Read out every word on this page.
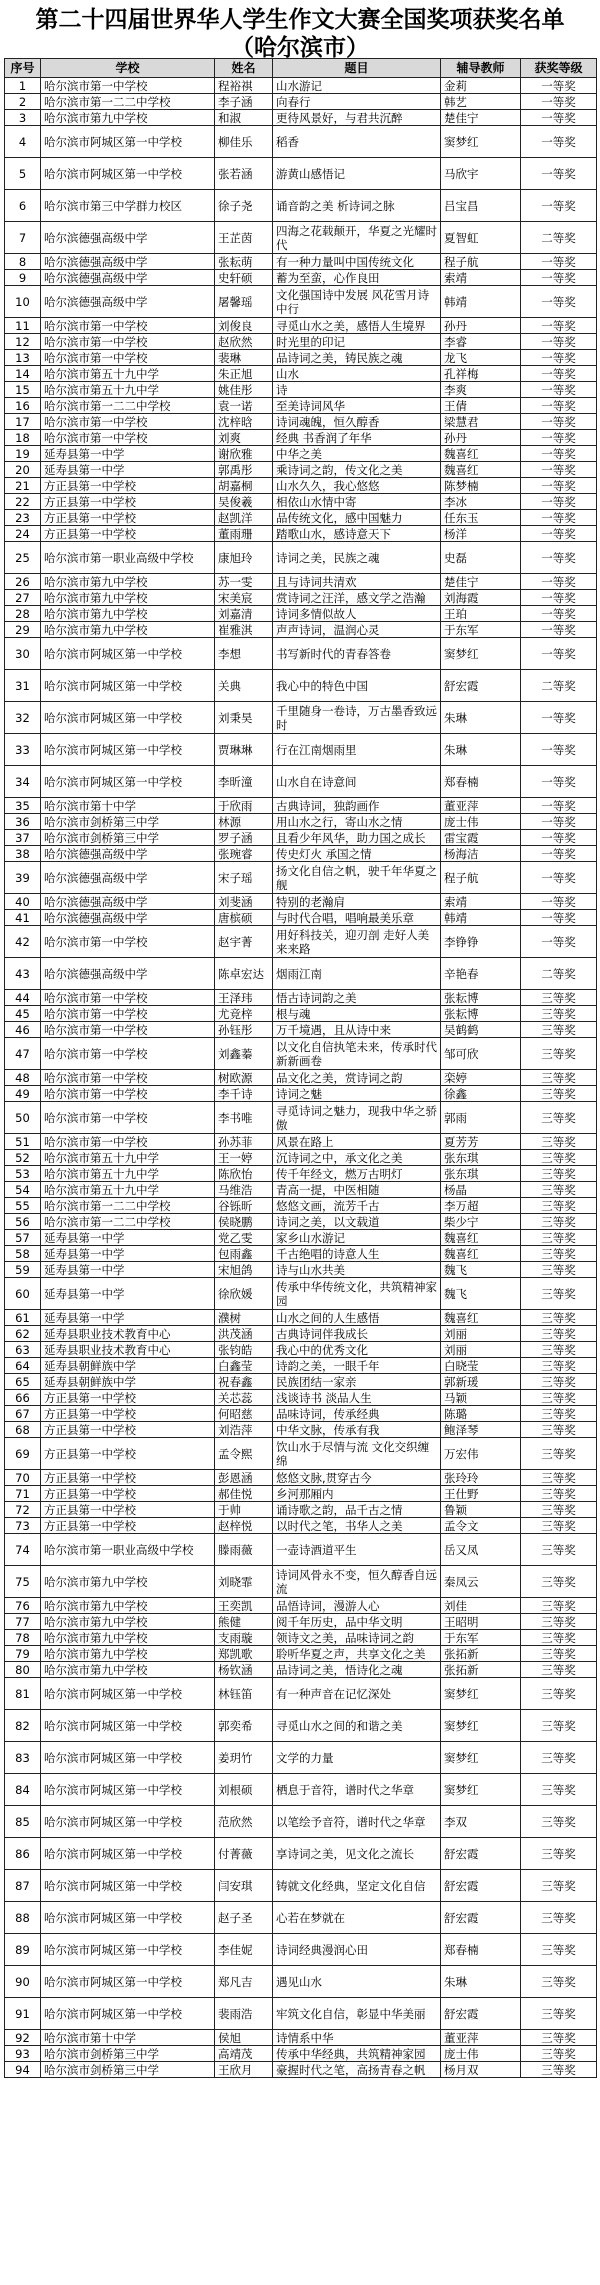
第二十四届世界华人学生作文大赛全国奖项获奖名单
（哈尔滨市）
序号	学校	姓名	题目	辅导教师	获奖等级
1	哈尔滨市第一中学校	程裕祺	山水游记	金莉	一等奖
2	哈尔滨市第一二二中学校	李子涵	向春行	韩艺	一等奖
3	哈尔滨市第九中学校	和淑	更待风景好，与君共沉醉	楚佳宁	一等奖
4	哈尔滨市阿城区第一中学校	柳佳乐	稻香	窦梦红	一等奖
5	哈尔滨市阿城区第一中学校	张若涵	游黄山感悟记	马欣宇	一等奖
6	哈尔滨市第三中学群力校区	徐子尧	诵音韵之美 析诗词之脉	吕宝昌	一等奖
7	哈尔滨德强高级中学	王芷茵	四海之花载颠开，华夏之光耀时代	夏智虹	二等奖
8	哈尔滨德强高级中学	张耘萌	有一种力量叫中国传统文化	程子航	一等奖
9	哈尔滨德强高级中学	史轩硕	蓄为至蛮，心作良田	索靖	一等奖
10	哈尔滨德强高级中学	屠馨瑶	文化强国诗中发展 风花雪月诗中行	韩靖	一等奖
11	哈尔滨市第一中学校	刘俊良	寻觅山水之美，感悟人生境界	孙丹	一等奖
12	哈尔滨市第一中学校	赵欣然	时光里的印记	李睿	一等奖
13	哈尔滨市第一中学校	裴琳	品诗词之美，铸民族之魂	龙飞	一等奖
14	哈尔滨市第五十九中学	朱正旭	山水	孔祥梅	一等奖
15	哈尔滨市第五十九中学	姚佳彤	诗	李爽	一等奖
16	哈尔滨市第一二二中学校	袁一诺	至美诗词风华	王倩	一等奖
17	哈尔滨市第一中学校	沈梓晗	诗词魂魄，恒久醇香	梁慧君	一等奖
18	哈尔滨市第一中学校	刘爽	经典 书香润了年华	孙丹	一等奖
19	延寿县第一中学	谢欣雅	中华之美	魏喜红	一等奖
20	延寿县第一中学	郭禹彤	乘诗词之韵，传文化之美	魏喜红	一等奖
21	方正县第一中学校	胡嘉桐	山水久久，我心悠悠	陈梦楠	一等奖
22	方正县第一中学校	吴俊羲	相依山水情中寄	李冰	一等奖
23	方正县第一中学校	赵凯洋	品传统文化，感中国魅力	任东玉	一等奖
24	方正县第一中学校	董雨珊	踏歌山水，感诗意天下	杨洋	一等奖
25	哈尔滨市第一职业高级中学校	康旭玲	诗词之美，民族之魂	史磊	一等奖
26	哈尔滨市第九中学校	苏一雯	且与诗词共清欢	楚佳宁	一等奖
27	哈尔滨市第九中学校	宋美宸	赏诗词之汪洋，感文学之浩瀚	刘海霞	一等奖
28	哈尔滨市第九中学校	刘嘉清	诗词多情似故人	王珀	一等奖
29	哈尔滨市第九中学校	崔雅淇	声声诗词，温润心灵	于东军	一等奖
30	哈尔滨市阿城区第一中学校	李想	书写新时代的青春答卷	窦梦红	一等奖
31	哈尔滨市阿城区第一中学校	关典	我心中的特色中国	舒宏霞	二等奖
32	哈尔滨市阿城区第一中学校	刘秉昊	千里随身一卷诗，万古墨香致远时	朱琳	一等奖
33	哈尔滨市阿城区第一中学校	贾琳琳	行在江南烟雨里	朱琳	一等奖
34	哈尔滨市阿城区第一中学校	李昕潼	山水自在诗意间	郑春楠	一等奖
35	哈尔滨市第十中学	于欣雨	古典诗词，独韵画作	董亚萍	一等奖
36	哈尔滨市剑桥第三中学	林源	用山水之行，寄山水之情	庞士伟	一等奖
37	哈尔滨市剑桥第三中学	罗子涵	且看少年风华，助力国之成长	雷宝霞	一等奖
38	哈尔滨德强高级中学	张琬睿	传史灯火 承国之情	杨海洁	一等奖
39	哈尔滨德强高级中学	宋子瑶	扬文化自信之帆，驶千年华夏之舰	程子航	一等奖
40	哈尔滨德强高级中学	刘斐涵	特别的老瀚肩	索靖	一等奖
41	哈尔滨德强高级中学	唐槟硕	与时代合唱，唱响最美乐章	韩靖	一等奖
42	哈尔滨市第一中学校	赵宇菁	用好科技关，迎刃剖 走好人美来来路	李铮铮	一等奖
43	哈尔滨德强高级中学	陈卓宏达	烟雨江南	辛艳春	二等奖
44	哈尔滨市第一中学校	王泽玮	悟古诗词韵之美	张耘博	三等奖
45	哈尔滨市第一中学校	尤竞梓	根与魂	张耘博	三等奖
46	哈尔滨市第一中学校	孙钰彤	万千境遇，且从诗中来	吴鹤鹤	三等奖
47	哈尔滨市第一中学校	刘鑫蓁	以文化自信执笔未来，传承时代新新画卷	邹可欣	三等奖
48	哈尔滨市第一中学校	树欧源	品文化之美，赏诗词之韵	栾婷	三等奖
49	哈尔滨市第一中学校	李千诗	诗词之魅	徐鑫	三等奖
50	哈尔滨市第一中学校	李书唯	寻觅诗词之魅力，现我中华之骄傲	郭雨	三等奖
51	哈尔滨市第一中学校	孙苏菲	风景在路上	夏芳芳	三等奖
52	哈尔滨市第五十九中学	王一婷	沉诗词之中，承文化之美	张东琪	三等奖
53	哈尔滨市第五十九中学	陈欣怡	传千年经文，燃万古明灯	张东琪	三等奖
54	哈尔滨市第五十九中学	马维浩	青高一提，中医相随	杨晶	三等奖
55	哈尔滨市第一二二中学校	谷铄昕	悠悠文画，流芳千古	李万超	三等奖
56	哈尔滨市第一二二中学校	侯晓鹏	诗词之美，以文载道	柴少宁	三等奖
57	延寿县第一中学	党乙雯	家乡山水游记	魏喜红	三等奖
58	延寿县第一中学	包雨鑫	千古绝唱的诗意人生	魏喜红	三等奖
59	延寿县第一中学	宋旭鸽	诗与山水共美	魏飞	三等奖
60	延寿县第一中学	徐欣媛	传承中华传统文化，共筑精神家园	魏飞	三等奖
61	延寿县第一中学	濮树	山水之间的人生感悟	魏喜红	三等奖
62	延寿县职业技术教育中心	洪茂涵	古典诗词伴我成长	刘丽	三等奖
63	延寿县职业技术教育中心	张钧皓	我心中的优秀文化	刘丽	三等奖
64	延寿县朝鲜族中学	白鑫莹	诗韵之美，一眼千年	白晓莹	三等奖
65	延寿县朝鲜族中学	祝春鑫	民族团结一家亲	郭新瑗	三等奖
66	方正县第一中学校	关芯蕊	浅谈诗书 淡品人生	马颖	三等奖
67	方正县第一中学校	何昭慈	品味诗词，传承经典	陈璐	三等奖
68	方正县第一中学校	刘浩萍	中华文脉，传承有我	鲍泽琴	三等奖
69	方正县第一中学校	孟令熙	饮山水于尽情与流 文化交织缠绵	万宏伟	三等奖
70	方正县第一中学校	彭恩涵	悠悠文脉,贯穿古今	张玲玲	三等奖
71	方正县第一中学校	郝佳悦	乡河那厢内	王仕野	三等奖
72	方正县第一中学校	于帅	诵诗歌之韵，品千古之情	鲁颖	三等奖
73	方正县第一中学校	赵梓悦	以时代之笔，书华人之美	孟令文	三等奖
74	哈尔滨市第一职业高级中学校	滕雨薇	一壶诗酒道平生	岳又凤	三等奖
75	哈尔滨市第九中学校	刘晓霏	诗词风骨永不变，恒久醇香自远流	秦凤云	三等奖
76	哈尔滨市第九中学校	王奕凯	品悟诗词，漫游人心	刘佳	三等奖
77	哈尔滨市第九中学校	熊健	阅千年历史，品中华文明	王昭明	三等奖
78	哈尔滨市第九中学校	支雨璇	领诗文之美，品味诗词之韵	于东军	三等奖
79	哈尔滨市第九中学校	郑凯歌	聆听华夏之声，共享文化之美	张拓新	三等奖
80	哈尔滨市第九中学校	杨钦涵	品诗词之美，悟诗化之魂	张拓新	三等奖
81	哈尔滨市阿城区第一中学校	林钰笛	有一种声音在记忆深处	窦梦红	三等奖
82	哈尔滨市阿城区第一中学校	郭奕希	寻觅山水之间的和谐之美	窦梦红	三等奖
83	哈尔滨市阿城区第一中学校	姜玥竹	文学的力量	窦梦红	三等奖
84	哈尔滨市阿城区第一中学校	刘根硕	栖息于音符，谱时代之华章	窦梦红	三等奖
85	哈尔滨市阿城区第一中学校	范欣然	以笔绘予音符，谱时代之华章	李双	三等奖
86	哈尔滨市阿城区第一中学校	付菁薇	享诗词之美，见文化之流长	舒宏霞	三等奖
87	哈尔滨市阿城区第一中学校	闫安琪	铸就文化经典，坚定文化自信	舒宏霞	三等奖
88	哈尔滨市阿城区第一中学校	赵子圣	心若在梦就在	舒宏霞	三等奖
89	哈尔滨市阿城区第一中学校	李佳妮	诗词经典漫润心田	郑春楠	三等奖
90	哈尔滨市阿城区第一中学校	郑凡吉	遇见山水	朱琳	三等奖
91	哈尔滨市阿城区第一中学校	裴雨浩	牢筑文化自信，彰显中华美丽	舒宏霞	三等奖
92	哈尔滨市第十中学	侯旭	诗情系中华	董亚萍	三等奖
93	哈尔滨市剑桥第三中学	高靖茂	传承中华经典，共筑精神家园	庞士伟	三等奖
94	哈尔滨市剑桥第三中学	王欣月	豪握时代之笔，高扬青春之帆	杨月双	三等奖
